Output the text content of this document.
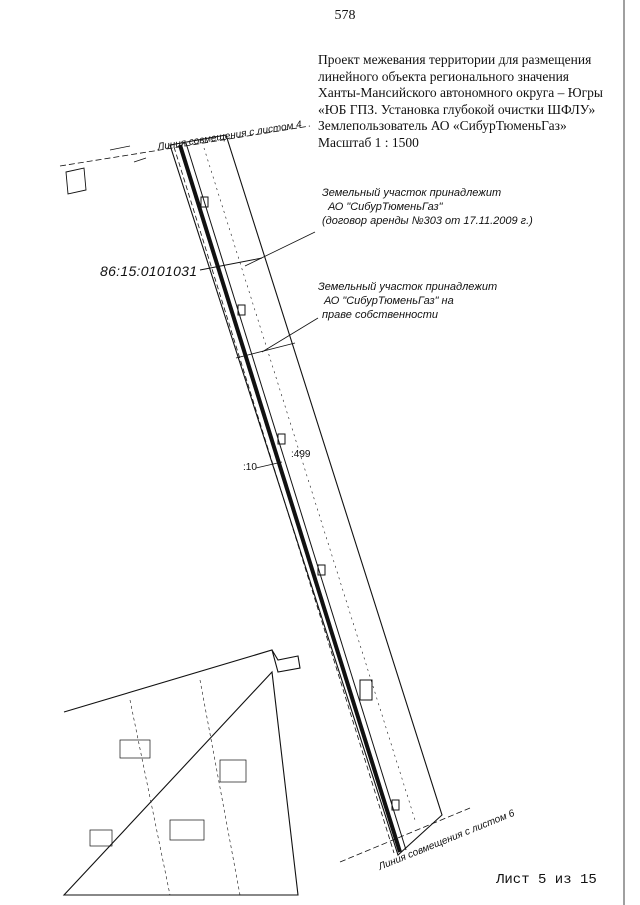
578
Проект межевания территории для размещения
линейного объекта регионального значения
Ханты-Мансийского автономного округа – Югры
«ЮБ ГПЗ. Установка глубокой очистки ШФЛУ»
Землепользователь АО «СибурТюменьГаз»
Масштаб 1 : 1500
Линия совмещения с листом 4
Линия совмещения с листом 6
86:15:0101031
Земельный участок принадлежит
АО "СибурТюменьГаз"
(договор аренды №303 от 17.11.2009 г.)
Земельный участок принадлежит
АО "СибурТюменьГаз" на
праве собственности
:10
:499
Лист 5 из 15
